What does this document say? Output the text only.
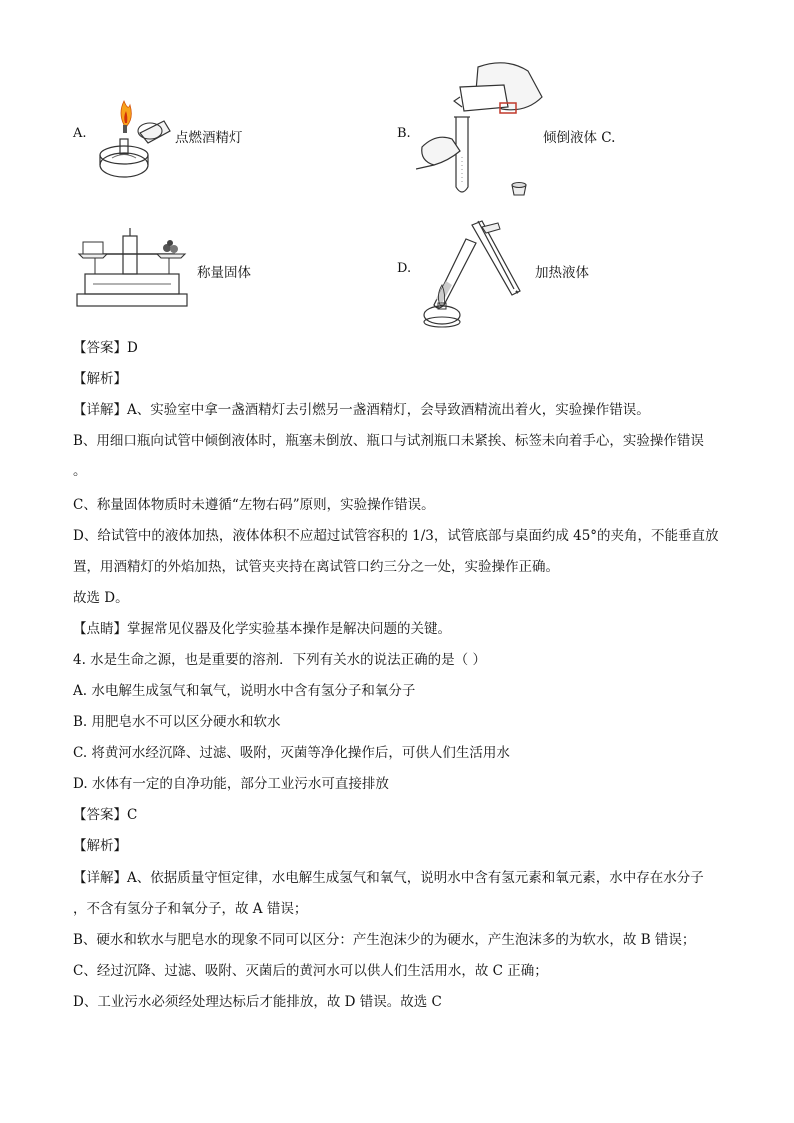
A.	点燃酒精灯	B.	倾倒液体 C.
称量固体	D.	加热液体
【答案】D
【解析】
【详解】A、实验室中拿一盏酒精灯去引燃另一盏酒精灯，会导致酒精流出着火，实验操作错误。
B、用细口瓶向试管中倾倒液体时，瓶塞未倒放、瓶口与试剂瓶口未紧挨、标签未向着手心，实验操作错误
。
C、称量固体物质时未遵循“左物右码”原则，实验操作错误。
D、给试管中的液体加热，液体体积不应超过试管容积的 1/3，试管底部与桌面约成 45°的夹角，不能垂直放
置，用酒精灯的外焰加热，试管夹夹持在离试管口约三分之一处，实验操作正确。
故选 D。
【点睛】掌握常见仪器及化学实验基本操作是解决问题的关键。
4. 水是生命之源，也是重要的溶剂．下列有关水的说法正确的是（ ）
A. 水电解生成氢气和氧气，说明水中含有氢分子和氧分子
B. 用肥皂水不可以区分硬水和软水
C. 将黄河水经沉降、过滤、吸附，灭菌等净化操作后，可供人们生活用水
D. 水体有一定的自净功能，部分工业污水可直接排放
【答案】C
【解析】
【详解】A、依据质量守恒定律，水电解生成氢气和氧气，说明水中含有氢元素和氧元素，水中存在水分子
，不含有氢分子和氧分子，故 A 错误；
B、硬水和软水与肥皂水的现象不同可以区分：产生泡沫少的为硬水，产生泡沫多的为软水，故 B 错误；
C、经过沉降、过滤、吸附、灭菌后的黄河水可以供人们生活用水，故 C 正确；
D、工业污水必须经处理达标后才能排放，故 D 错误。故选 C
